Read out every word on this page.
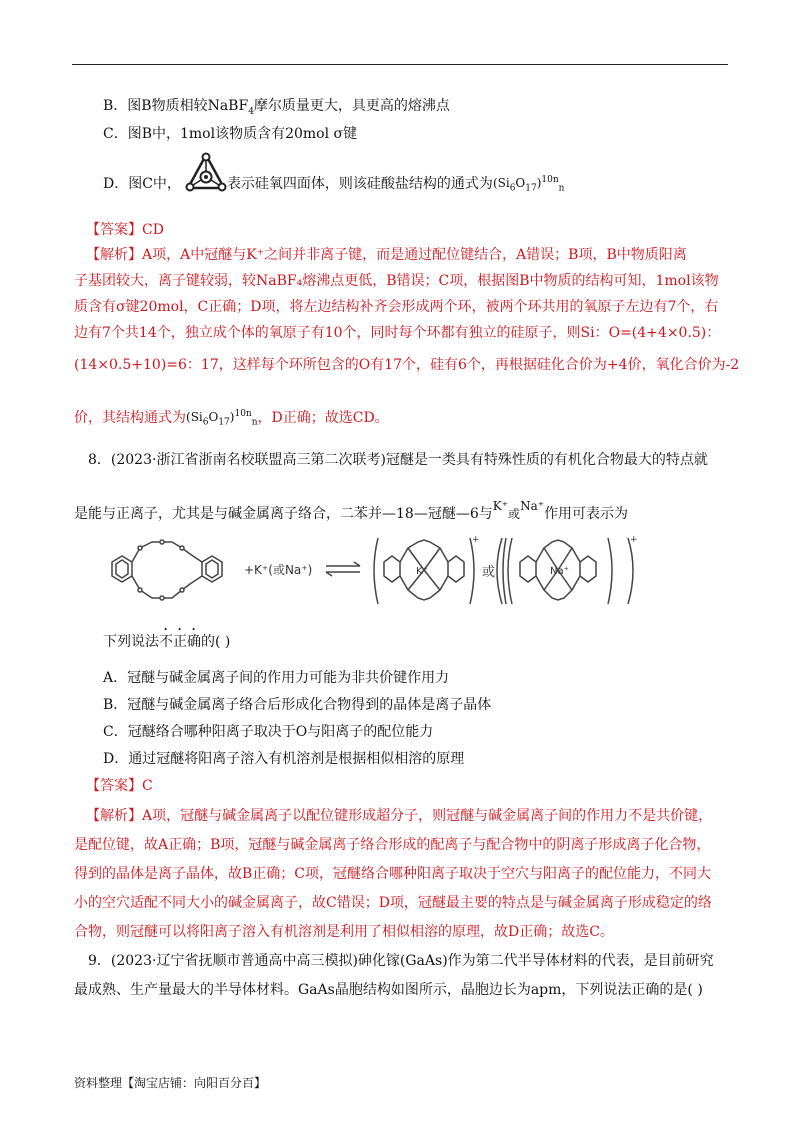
B．图B物质相较NaBF$_4$摩尔质量更大，具更高的熔沸点
C．图B中，1mol该物质含有20mol σ键
D．图C中，	表示硅氧四面体，则该硅酸盐结构的通式为$(Si_6O_{17})^{10n}_n$
【答案】CD
【解析】A项，A中冠醚与K⁺之间并非离子键，而是通过配位键结合，A错误；B项，B中物质阳离
子基团较大，离子键较弱，较NaBF₄熔沸点更低，B错误；C项，根据图B中物质的结构可知，1mol该物
质含有σ键20mol，C正确；D项，将左边结构补齐会形成两个环，被两个环共用的氧原子左边有7个，右
边有7个共14个，独立成个体的氧原子有10个，同时每个环都有独立的硅原子，则Si：O=(4+4×0.5)：
(14×0.5+10)=6：17，这样每个环所包含的O有17个，硅有6个，再根据硅化合价为+4价，氧化合价为-2
价，其结构通式为$(Si_6O_{17})^{10n}_n$，D正确；故选CD。
8．(2023·浙江省浙南名校联盟高三第二次联考)冠醚是一类具有特殊性质的有机化合物最大的特点就
是能与正离子，尤其是与碱金属离子络合，二苯并—18—冠醚—6与K⁺或Na⁺作用可表示为
+K⁺(或Na⁺)	K⁺	或	Na⁺
+	+
下列说法不正确的( )
A．冠醚与碱金属离子间的作用力可能为非共价键作用力
B．冠醚与碱金属离子络合后形成化合物得到的晶体是离子晶体
C．冠醚络合哪种阳离子取决于O与阳离子的配位能力
D．通过冠醚将阳离子溶入有机溶剂是根据相似相溶的原理
【答案】C
【解析】A项，冠醚与碱金属离子以配位键形成超分子，则冠醚与碱金属离子间的作用力不是共价键，
是配位键，故A正确；B项，冠醚与碱金属离子络合形成的配离子与配合物中的阴离子形成离子化合物，
得到的晶体是离子晶体，故B正确；C项，冠醚络合哪种阳离子取决于空穴与阳离子的配位能力，不同大
小的空穴适配不同大小的碱金属离子，故C错误；D项，冠醚最主要的特点是与碱金属离子形成稳定的络
合物，则冠醚可以将阳离子溶入有机溶剂是利用了相似相溶的原理，故D正确；故选C。
9．(2023·辽宁省抚顺市普通高中高三模拟)砷化镓(GaAs)作为第二代半导体材料的代表，是目前研究
最成熟、生产量最大的半导体材料。GaAs晶胞结构如图所示，晶胞边长为apm，下列说法正确的是( )
资料整理【淘宝店铺：向阳百分百】
